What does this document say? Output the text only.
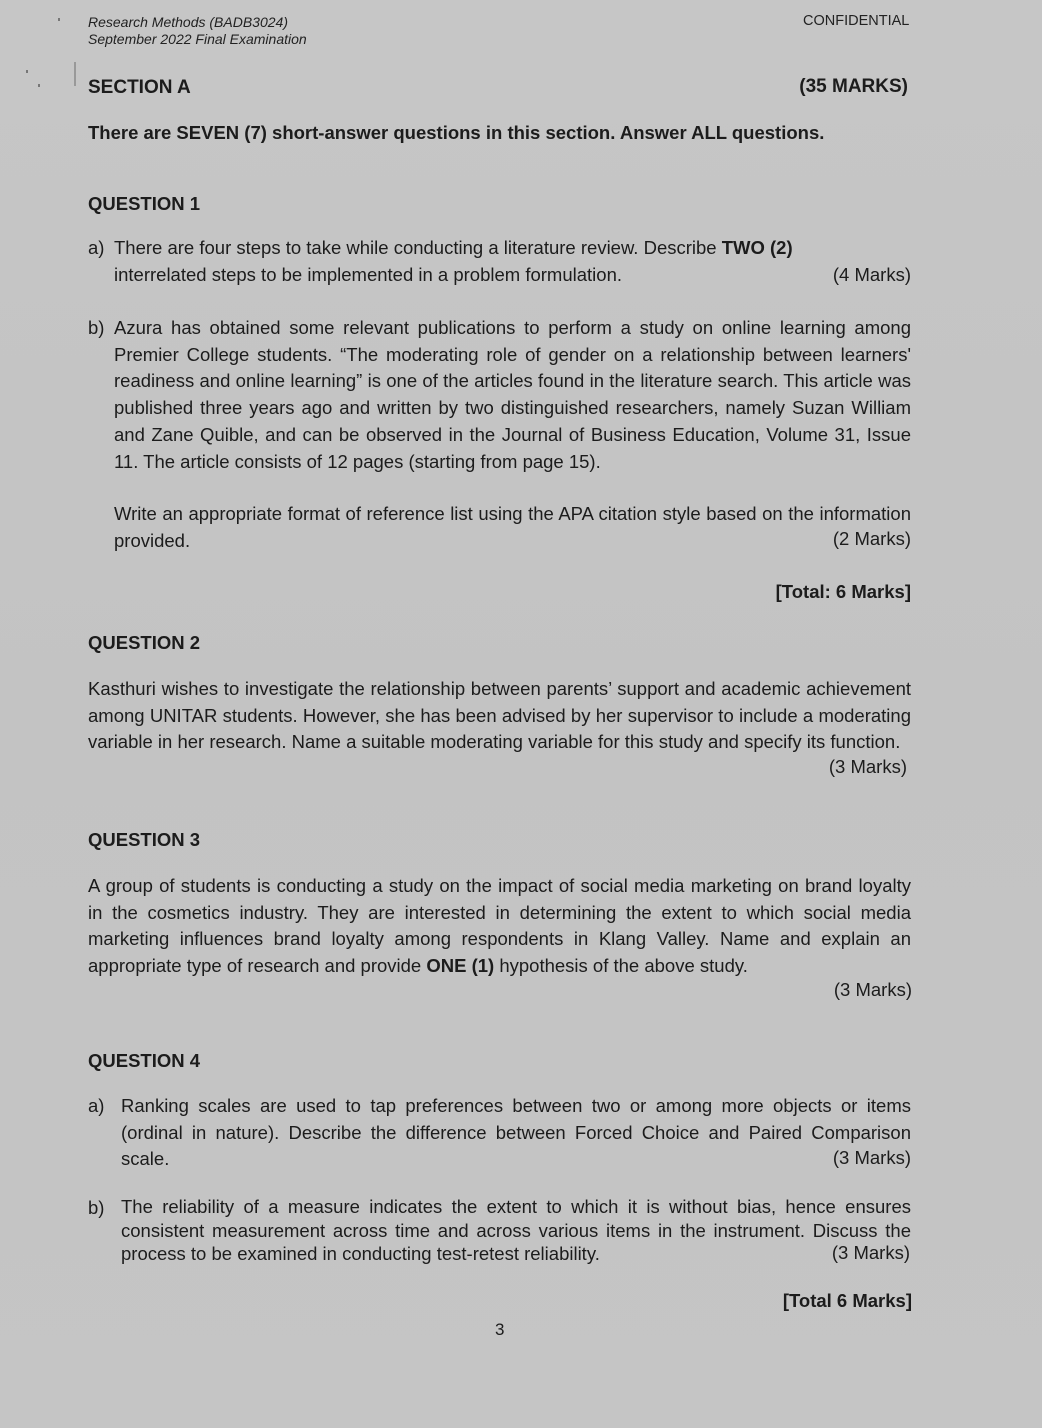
Research Methods (BADB3024)
September 2022 Final Examination
CONFIDENTIAL
SECTION A	(35 MARKS)
There are SEVEN (7) short-answer questions in this section. Answer ALL questions.
QUESTION 1
a) There are four steps to take while conducting a literature review. Describe TWO (2)
interrelated steps to be implemented in a problem formulation.	(4 Marks)
b) Azura has obtained some relevant publications to perform a study on online learning among Premier College students. “The moderating role of gender on a relationship between learners' readiness and online learning” is one of the articles found in the literature search. This article was published three years ago and written by two distinguished researchers, namely Suzan William and Zane Quible, and can be observed in the Journal of Business Education, Volume 31, Issue 11. The article consists of 12 pages (starting from page 15).
Write an appropriate format of reference list using the APA citation style based on the information provided.	(2 Marks)
[Total: 6 Marks]
QUESTION 2
Kasthuri wishes to investigate the relationship between parents’ support and academic achievement among UNITAR students. However, she has been advised by her supervisor to include a moderating variable in her research. Name a suitable moderating variable for this study and specify its function.
(3 Marks)
QUESTION 3
A group of students is conducting a study on the impact of social media marketing on brand loyalty in the cosmetics industry. They are interested in determining the extent to which social media marketing influences brand loyalty among respondents in Klang Valley. Name and explain an appropriate type of research and provide ONE (1) hypothesis of the above study.
(3 Marks)
QUESTION 4
a) Ranking scales are used to tap preferences between two or among more objects or items (ordinal in nature). Describe the difference between Forced Choice and Paired Comparison scale.	(3 Marks)
b) The reliability of a measure indicates the extent to which it is without bias, hence ensures consistent measurement across time and across various items in the instrument. Discuss the process to be examined in conducting test-retest reliability.	(3 Marks)
[Total 6 Marks]
3
